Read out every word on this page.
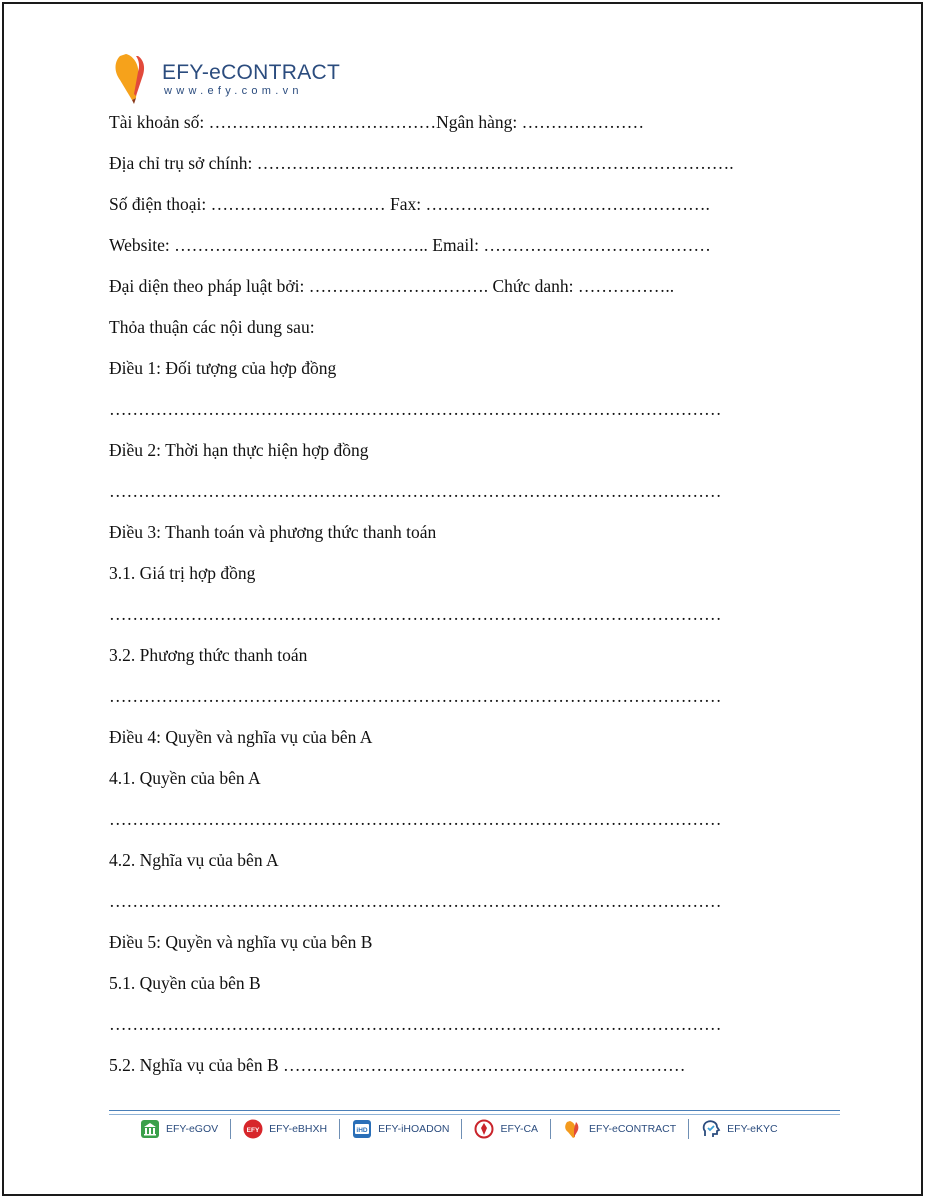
EFY-eCONTRACT
www.efy.com.vn
Tài khoản số: …………………………………Ngân hàng: …………………
Địa chỉ trụ sở chính: ……………………………………………………………………….
Số điện thoại: ………………………… Fax: ………………………………………….
Website: …………………………………….. Email: …………………………………
Đại diện theo pháp luật bởi: …………………………. Chức danh: ……………..
Thỏa thuận các nội dung sau:
Điều 1: Đối tượng của hợp đồng
……………………………………………………………………………………………
Điều 2: Thời hạn thực hiện hợp đồng
……………………………………………………………………………………………
Điều 3: Thanh toán và phương thức thanh toán
3.1. Giá trị hợp đồng
……………………………………………………………………………………………
3.2. Phương thức thanh toán
……………………………………………………………………………………………
Điều 4: Quyền và nghĩa vụ của bên A
4.1. Quyền của bên A
……………………………………………………………………………………………
4.2. Nghĩa vụ của bên A
……………………………………………………………………………………………
Điều 5: Quyền và nghĩa vụ của bên B
5.1. Quyền của bên B
……………………………………………………………………………………………
5.2. Nghĩa vụ của bên B ……………………………………………………………
EFY-eGOV	EFY EFY-eBHXH	iHD EFY-iHOADON	EFY-CA	EFY-eCONTRACT	EFY-eKYC
